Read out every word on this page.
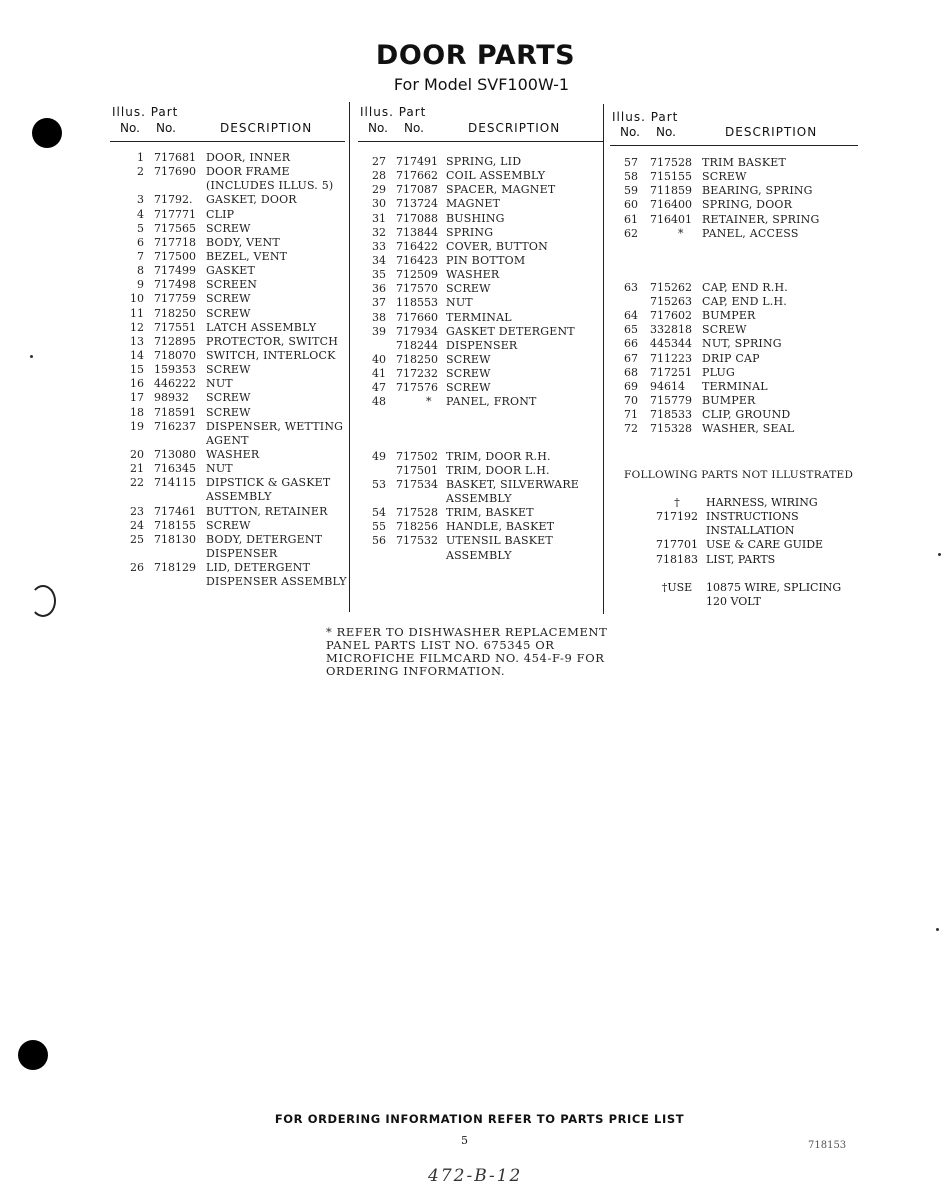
DOOR PARTS
For Model SVF100W-1
Illus. Part
No. No.	DESCRIPTION
1 717681 DOOR, INNER
2 717690 DOOR FRAME
(INCLUDES ILLUS. 5)
3 71792. GASKET, DOOR
4 717771 CLIP
5 717565 SCREW
6 717718 BODY, VENT
7 717500 BEZEL, VENT
8 717499 GASKET
9 717498 SCREEN
10 717759 SCREW
11 718250 SCREW
12 717551 LATCH ASSEMBLY
13 712895 PROTECTOR, SWITCH
14 718070 SWITCH, INTERLOCK
15 159353 SCREW
16 446222 NUT
17 98932 SCREW
18 718591 SCREW
19 716237 DISPENSER, WETTING
AGENT
20 713080 WASHER
21 716345 NUT
22 714115 DIPSTICK & GASKET
ASSEMBLY
23 717461 BUTTON, RETAINER
24 718155 SCREW
25 718130 BODY, DETERGENT
DISPENSER
26 718129 LID, DETERGENT
DISPENSER ASSEMBLY
Illus. Part
No. No.	DESCRIPTION
27 717491 SPRING, LID
28 717662 COIL ASSEMBLY
29 717087 SPACER, MAGNET
30 713724 MAGNET
31 717088 BUSHING
32 713844 SPRING
33 716422 COVER, BUTTON
34 716423 PIN BOTTOM
35 712509 WASHER
36 717570 SCREW
37 118553 NUT
38 717660 TERMINAL
39 717934 GASKET DETERGENT
718244 DISPENSER
40 718250 SCREW
41 717232 SCREW
47 717576 SCREW
48	* PANEL, FRONT
49 717502 TRIM, DOOR R.H.
717501 TRIM, DOOR L.H.
53 717534 BASKET, SILVERWARE
ASSEMBLY
54 717528 TRIM, BASKET
55 718256 HANDLE, BASKET
56 717532 UTENSIL BASKET
ASSEMBLY
Illus. Part
No. No.	DESCRIPTION
57 717528 TRIM BASKET
58 715155 SCREW
59 711859 BEARING, SPRING
60 716400 SPRING, DOOR
61 716401 RETAINER, SPRING
62	* PANEL, ACCESS
63 715262 CAP, END R.H.
715263 CAP, END L.H.
64 717602 BUMPER
65 332818 SCREW
66 445344 NUT, SPRING
67 711223 DRIP CAP
68 717251 PLUG
69 94614 TERMINAL
70 715779 BUMPER
71 718533 CLIP, GROUND
72 715328 WASHER, SEAL
FOLLOWING PARTS NOT ILLUSTRATED
†	HARNESS, WIRING
717192 INSTRUCTIONS
INSTALLATION
717701 USE & CARE GUIDE
718183 LIST, PARTS
†USE	10875 WIRE, SPLICING
120 VOLT
* REFER TO DISHWASHER REPLACEMENT PANEL PARTS LIST NO. 675345 OR MICROFICHE FILMCARD NO. 454-F-9 FOR ORDERING INFORMATION.
FOR ORDERING INFORMATION REFER TO PARTS PRICE LIST
5	718153
472-B-12
